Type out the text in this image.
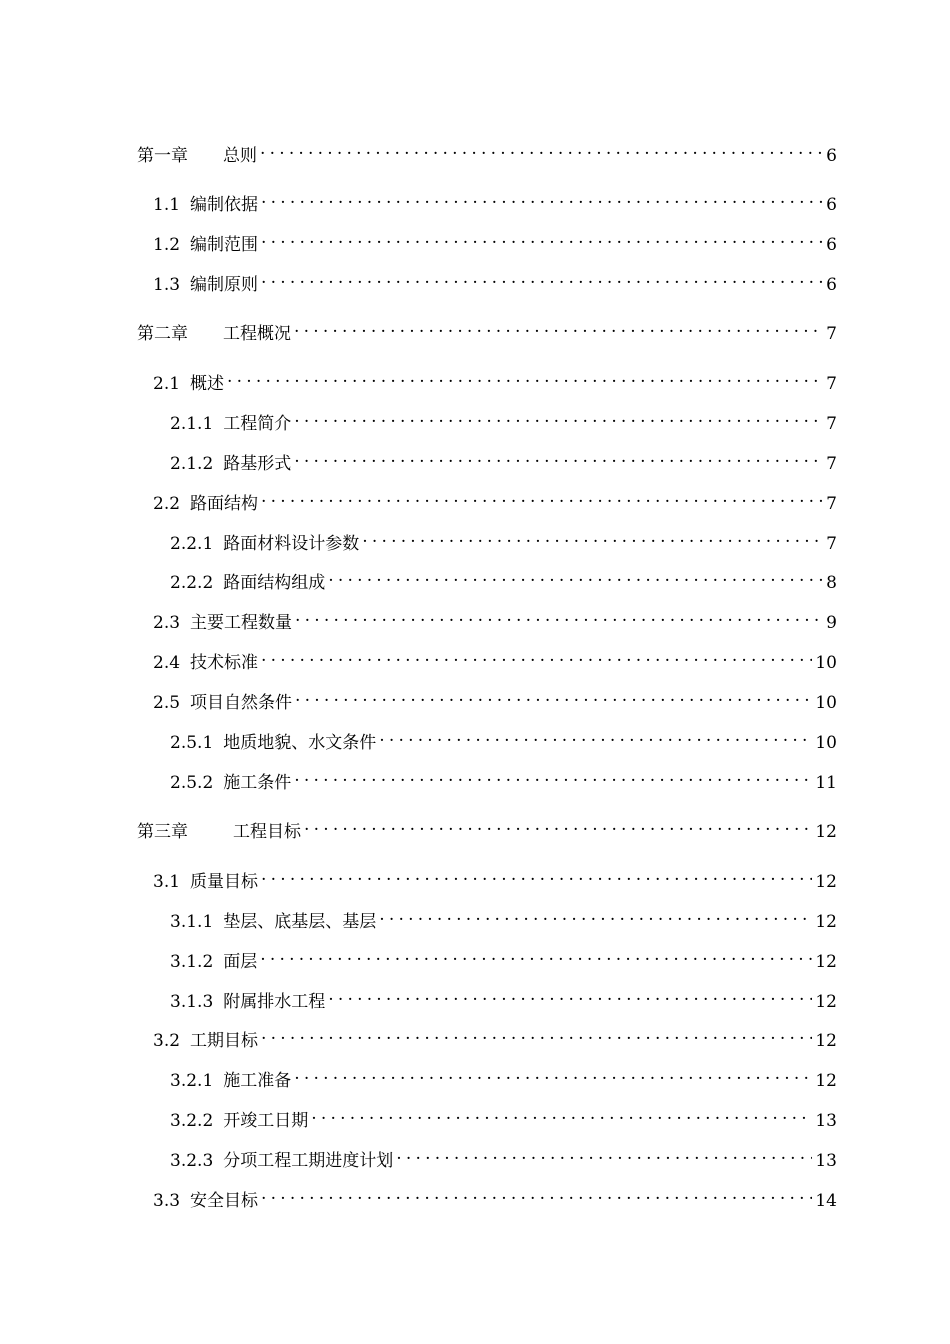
第一章	总则 . . .	6
1.1 编制依据 . . .	6
1.2 编制范围 . . .	6
1.3 编制原则 . . .	6
第二章	工程概况 . . .	7
2.1 概述 . . .	7
2.1.1 工程简介 . . .	7
2.1.2 路基形式 . . .	7
2.2 路面结构 . . .	7
2.2.1 路面材料设计参数 . . .	7
2.2.2 路面结构组成 . . .	8
2.3 主要工程数量 . . .	9
2.4 技术标准 . . .	10
2.5 项目自然条件 . . .	10
2.5.1 地质地貌、水文条件 . . .	10
2.5.2 施工条件 . . .	11
第三章	工程目标 . . .	12
3.1 质量目标 . . .	12
3.1.1 垫层、底基层、基层 . . .	12
3.1.2 面层 . . .	12
3.1.3 附属排水工程 . . .	12
3.2 工期目标 . . .	12
3.2.1 施工准备 . . .	12
3.2.2 开竣工日期 . . .	13
3.2.3 分项工程工期进度计划 . . .	13
3.3 安全目标 . . .	14
